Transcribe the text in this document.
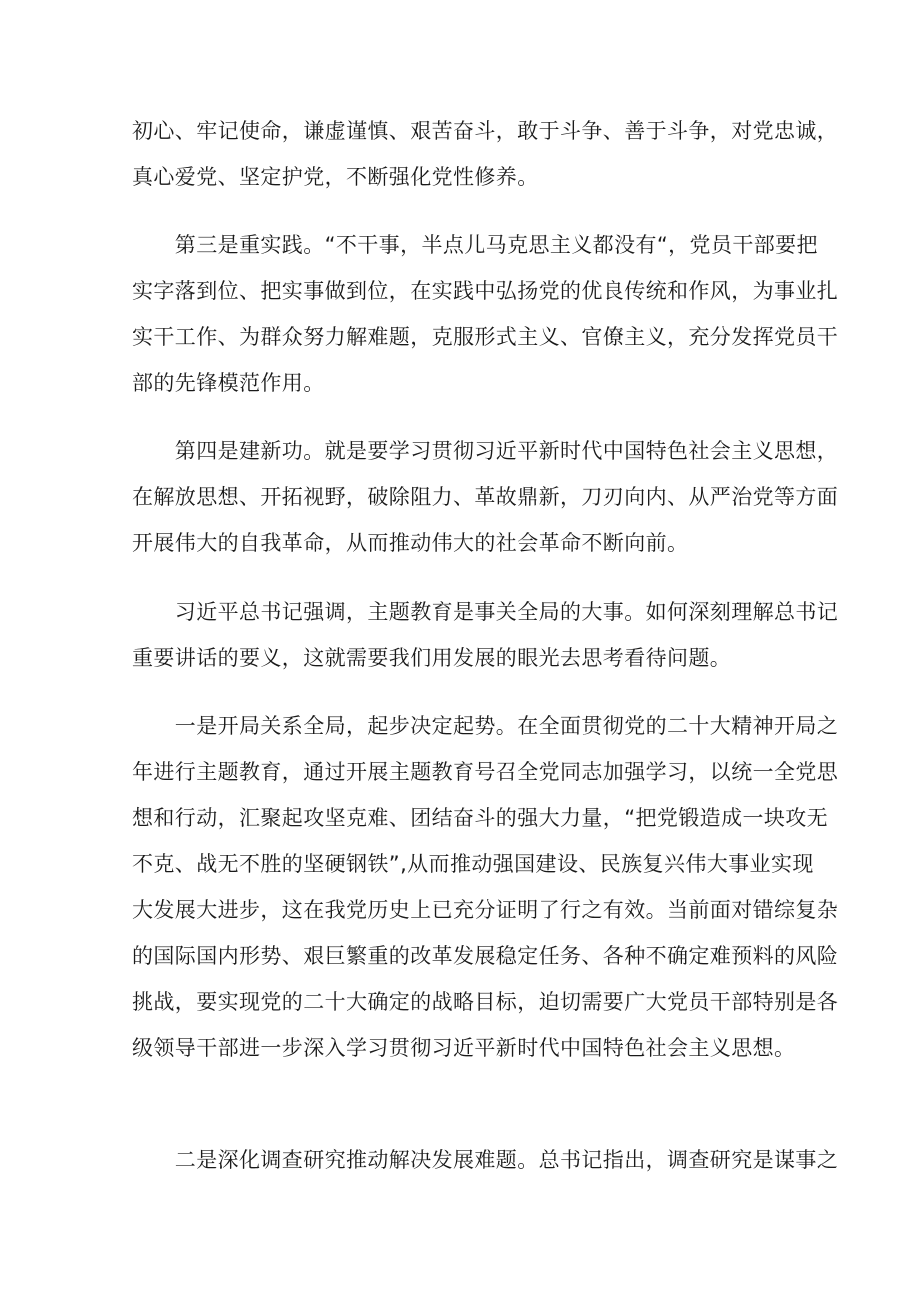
初心、牢记使命，谦虚谨慎、艰苦奋斗，敢于斗争、善于斗争，对党忠诚，
真心爱党、坚定护党，不断强化党性修养。
　　第三是重实践。“不干事，半点儿马克思主义都没有“，党员干部要把
实字落到位、把实事做到位，在实践中弘扬党的优良传统和作风，为事业扎
实干工作、为群众努力解难题，克服形式主义、官僚主义，充分发挥党员干
部的先锋模范作用。
　　第四是建新功。就是要学习贯彻习近平新时代中国特色社会主义思想，
在解放思想、开拓视野，破除阻力、革故鼎新，刀刃向内、从严治党等方面
开展伟大的自我革命，从而推动伟大的社会革命不断向前。
　　习近平总书记强调，主题教育是事关全局的大事。如何深刻理解总书记
重要讲话的要义，这就需要我们用发展的眼光去思考看待问题。
　　一是开局关系全局，起步决定起势。在全面贯彻党的二十大精神开局之
年进行主题教育，通过开展主题教育号召全党同志加强学习，以统一全党思
想和行动，汇聚起攻坚克难、团结奋斗的强大力量，“把党锻造成一块攻无
不克、战无不胜的坚硬钢铁”,从而推动强国建设、民族复兴伟大事业实现
大发展大进步，这在我党历史上已充分证明了行之有效。当前面对错综复杂
的国际国内形势、艰巨繁重的改革发展稳定任务、各种不确定难预料的风险
挑战，要实现党的二十大确定的战略目标，迫切需要广大党员干部特别是各
级领导干部进一步深入学习贯彻习近平新时代中国特色社会主义思想。
　　二是深化调查研究推动解决发展难题。总书记指出，调查研究是谋事之
